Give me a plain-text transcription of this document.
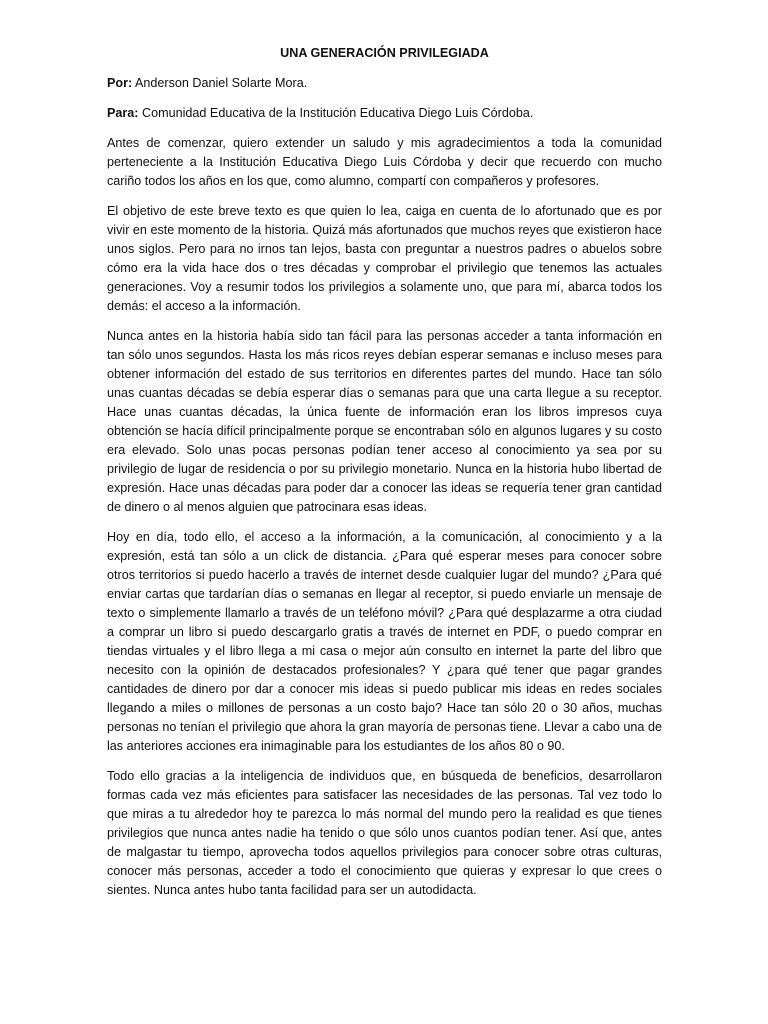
UNA GENERACIÓN PRIVILEGIADA
Por: Anderson Daniel Solarte Mora.
Para: Comunidad Educativa de la Institución Educativa Diego Luis Córdoba.

Antes de comenzar, quiero extender un saludo y mis agradecimientos a toda la comunidad perteneciente a la Institución Educativa Diego Luis Córdoba y decir que recuerdo con mucho cariño todos los años en los que, como alumno, compartí con compañeros y profesores.

El objetivo de este breve texto es que quien lo lea, caiga en cuenta de lo afortunado que es por vivir en este momento de la historia. Quizá más afortunados que muchos reyes que existieron hace unos siglos. Pero para no irnos tan lejos, basta con preguntar a nuestros padres o abuelos sobre cómo era la vida hace dos o tres décadas y comprobar el privilegio que tenemos las actuales generaciones. Voy a resumir todos los privilegios a solamente uno, que para mí, abarca todos los demás: el acceso a la información.

Nunca antes en la historia había sido tan fácil para las personas acceder a tanta información en tan sólo unos segundos. Hasta los más ricos reyes debían esperar semanas e incluso meses para obtener información del estado de sus territorios en diferentes partes del mundo. Hace tan sólo unas cuantas décadas se debía esperar días o semanas para que una carta llegue a su receptor. Hace unas cuantas décadas, la única fuente de información eran los libros impresos cuya obtención se hacía difícil principalmente porque se encontraban sólo en algunos lugares y su costo era elevado. Solo unas pocas personas podían tener acceso al conocimiento ya sea por su privilegio de lugar de residencia o por su privilegio monetario. Nunca en la historia hubo libertad de expresión. Hace unas décadas para poder dar a conocer las ideas se requería tener gran cantidad de dinero o al menos alguien que patrocinara esas ideas.

Hoy en día, todo ello, el acceso a la información, a la comunicación, al conocimiento y a la expresión, está tan sólo a un click de distancia. ¿Para qué esperar meses para conocer sobre otros territorios si puedo hacerlo a través de internet desde cualquier lugar del mundo? ¿Para qué enviar cartas que tardarían días o semanas en llegar al receptor, si puedo enviarle un mensaje de texto o simplemente llamarlo a través de un teléfono móvil? ¿Para qué desplazarme a otra ciudad a comprar un libro si puedo descargarlo gratis a través de internet en PDF, o puedo comprar en tiendas virtuales y el libro llega a mi casa o mejor aún consulto en internet la parte del libro que necesito con la opinión de destacados profesionales? Y ¿para qué tener que pagar grandes cantidades de dinero por dar a conocer mis ideas si puedo publicar mis ideas en redes sociales llegando a miles o millones de personas a un costo bajo? Hace tan sólo 20 o 30 años, muchas personas no tenían el privilegio que ahora la gran mayoría de personas tiene. Llevar a cabo una de las anteriores acciones era inimaginable para los estudiantes de los años 80 o 90.

Todo ello gracias a la inteligencia de individuos que, en búsqueda de beneficios, desarrollaron formas cada vez más eficientes para satisfacer las necesidades de las personas. Tal vez todo lo que miras a tu alrededor hoy te parezca lo más normal del mundo pero la realidad es que tienes privilegios que nunca antes nadie ha tenido o que sólo unos cuantos podían tener. Así que, antes de malgastar tu tiempo, aprovecha todos aquellos privilegios para conocer sobre otras culturas, conocer más personas, acceder a todo el conocimiento que quieras y expresar lo que crees o sientes. Nunca antes hubo tanta facilidad para ser un autodidacta.
